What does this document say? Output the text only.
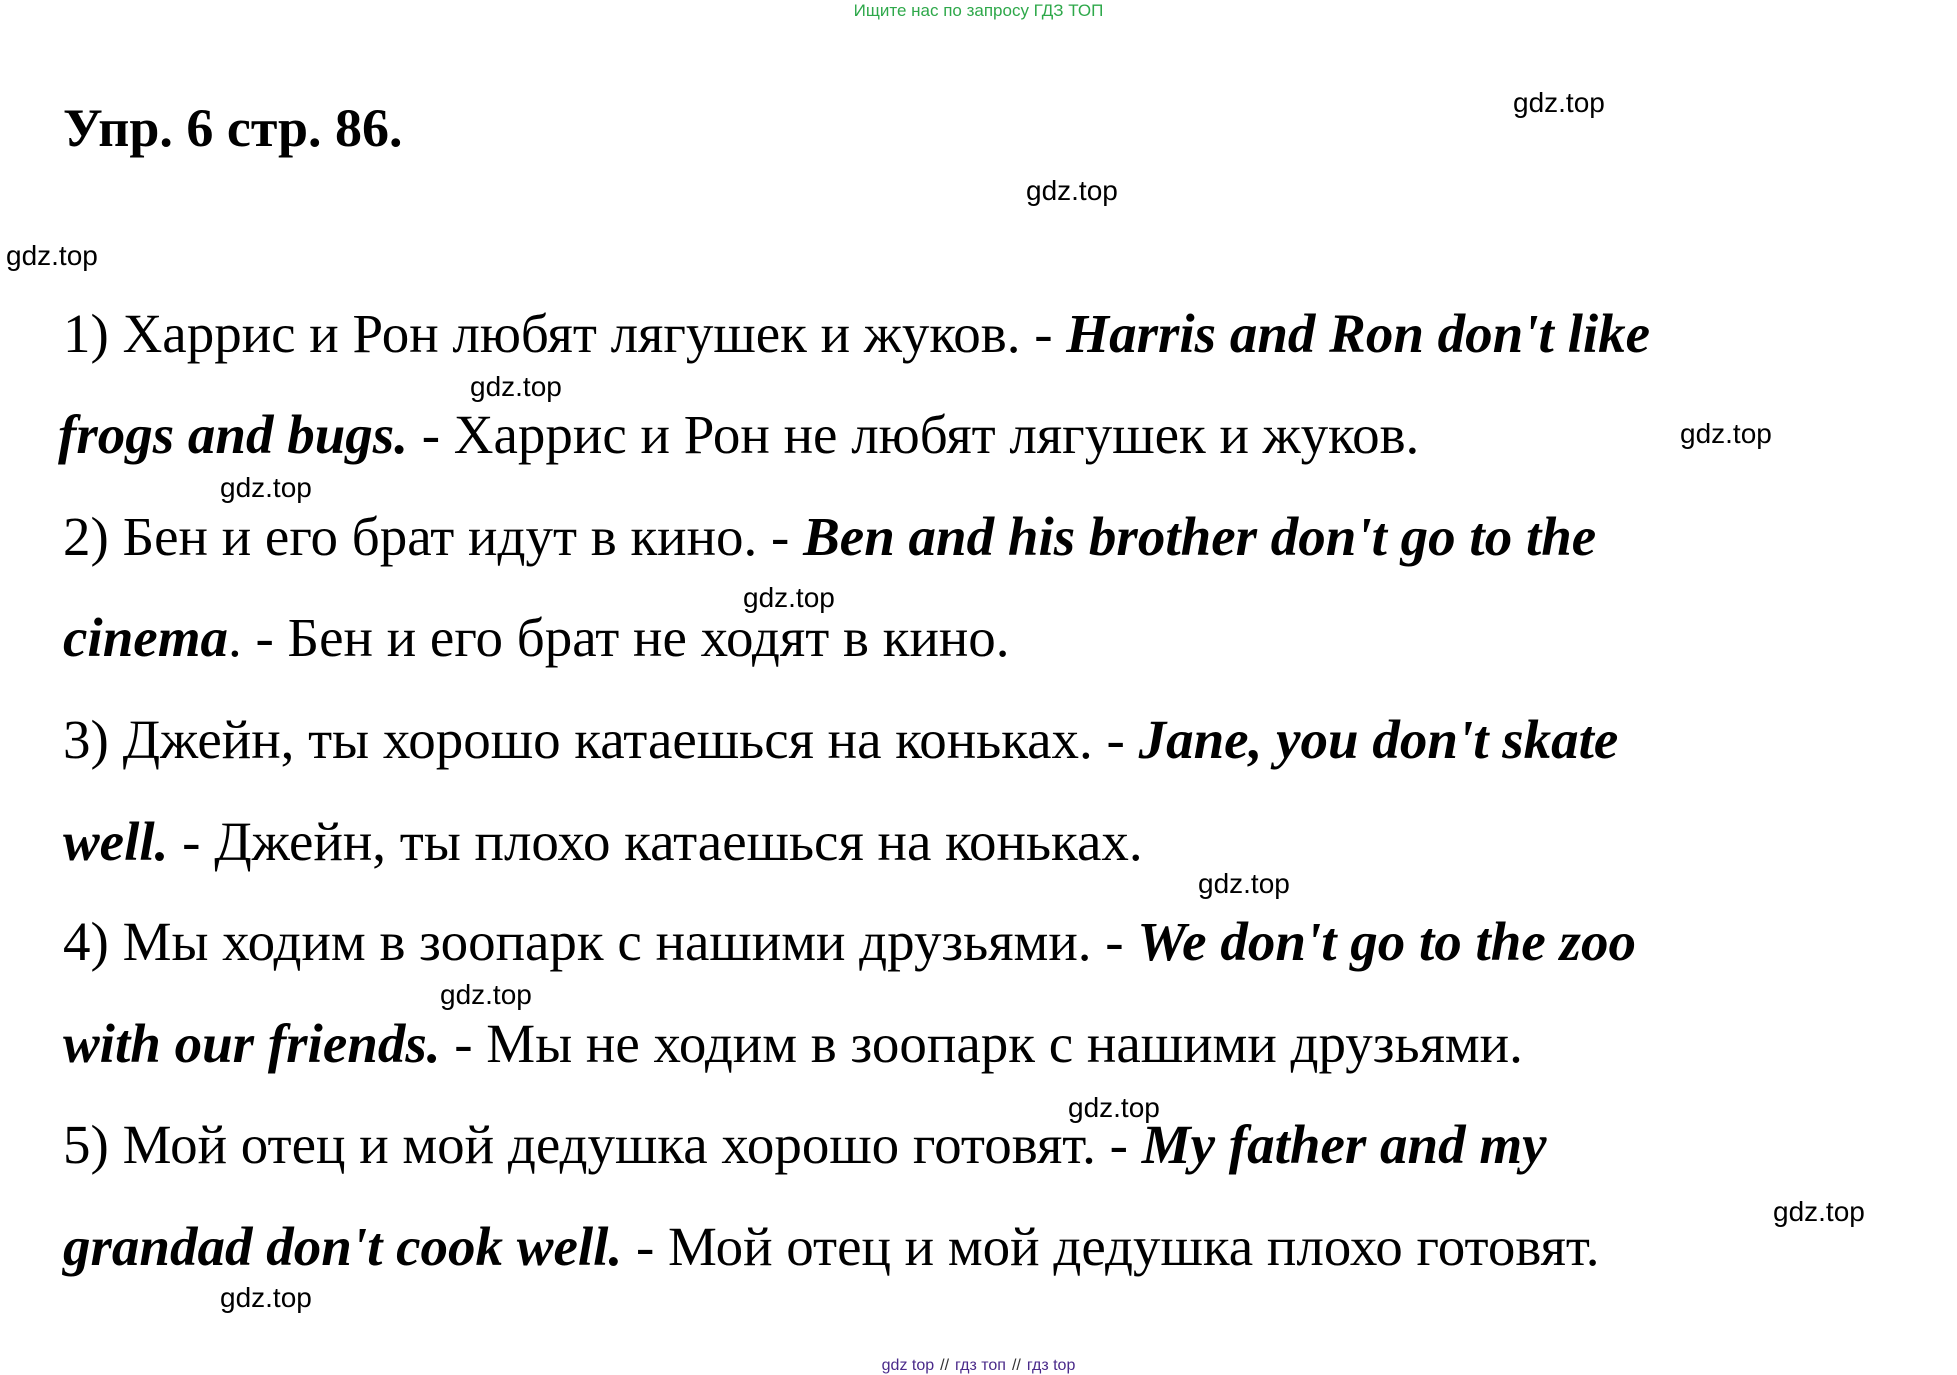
Ищите нас по запросу ГДЗ ТОП
Упр. 6 стр. 86.	gdz.top
gdz.top
gdz.top
gdz.top
gdz.top
gdz.top
gdz.top
gdz.top
gdz.top
gdz.top
gdz.top
gdz.top
1) Харрис и Рон любят лягушек и жуков. - Harris and Ron don't like
frogs and bugs. - Харрис и Рон не любят лягушек и жуков.
2) Бен и его брат идут в кино. - Ben and his brother don't go to the
cinema. - Бен и его брат не ходят в кино.
3) Джейн, ты хорошо катаешься на коньках. - Jane, you don't skate
well. - Джейн, ты плохо катаешься на коньках.
4) Мы ходим в зоопарк с нашими друзьями. - We don't go to the zoo
with our friends. - Мы не ходим в зоопарк с нашими друзьями.
5) Мой отец и мой дедушка хорошо готовят. - My father and my
grandad don't cook well. - Мой отец и мой дедушка плохо готовят.
gdz top // гдз топ // гдз top
